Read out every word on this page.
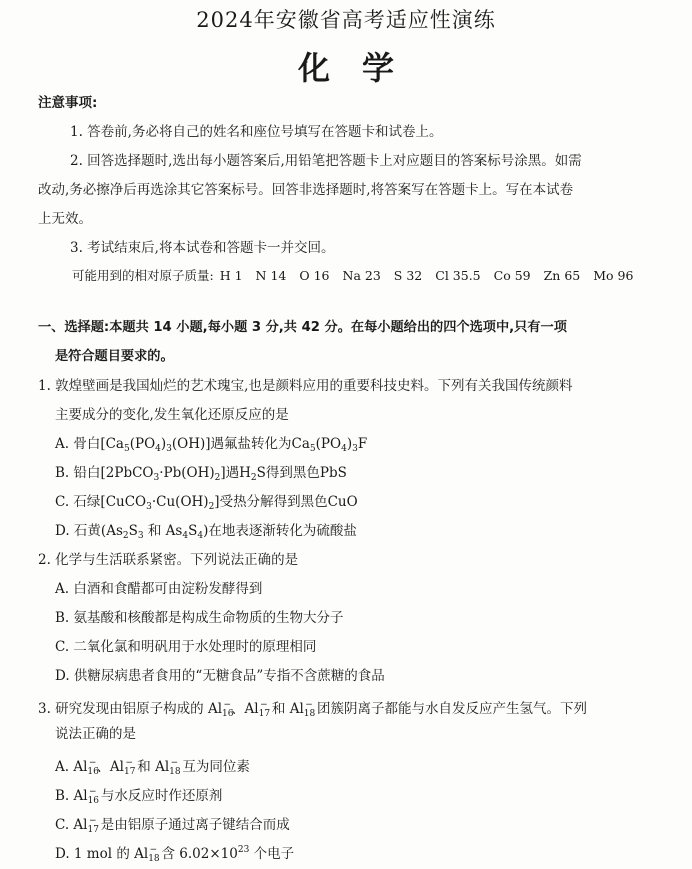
2024年安徽省高考适应性演练
化　学
注意事项:
1. 答卷前,务必将自己的姓名和座位号填写在答题卡和试卷上。
2. 回答选择题时,选出每小题答案后,用铅笔把答题卡上对应题目的答案标号涂黑。如需
改动,务必擦净后再选涂其它答案标号。回答非选择题时,将答案写在答题卡上。写在本试卷
上无效。
3. 考试结束后,将本试卷和答题卡一并交回。
可能用到的相对原子质量: H 1 N 14 O 16 Na 23 S 32 Cl 35.5 Co 59 Zn 65 Mo 96
一、选择题:本题共 14 小题,每小题 3 分,共 42 分。在每小题给出的四个选项中,只有一项
是符合题目要求的。
1. 敦煌壁画是我国灿烂的艺术瑰宝,也是颜料应用的重要科技史料。下列有关我国传统颜料
主要成分的变化,发生氧化还原反应的是
A. 骨白$[Ca_5(PO_4)_3(OH)]$遇氟盐转化为$Ca_5(PO_4)_3F$
B. 铅白$[2PbCO_3\cdot Pb(OH)_2]$遇$H_2S$得到黑色PbS
C. 石绿$[CuCO_3\cdot Cu(OH)_2]$受热分解得到黑色CuO
D. 石黄($As_2S_3$ 和 $As_4S_4$)在地表逐渐转化为硫酸盐
2. 化学与生活联系紧密。下列说法正确的是
A. 白酒和食醋都可由淀粉发酵得到
B. 氨基酸和核酸都是构成生命物质的生物大分子
C. 二氧化氯和明矾用于水处理时的原理相同
D. 供糖尿病患者食用的“无糖食品”专指不含蔗糖的食品
3. 研究发现由铝原子构成的 $Al_{16}^-$、$Al_{17}^-$ 和 $Al_{18}^-$ 团簇阴离子都能与水自发反应产生氢气。下列
说法正确的是
A. $Al_{16}^-$、$Al_{17}^-$ 和 $Al_{18}^-$ 互为同位素
B. $Al_{16}^-$ 与水反应时作还原剂
C. $Al_{17}^-$ 是由铝原子通过离子键结合而成
D. 1 mol 的 $Al_{18}^-$ 含 $6.02\times 10^{23}$ 个电子
